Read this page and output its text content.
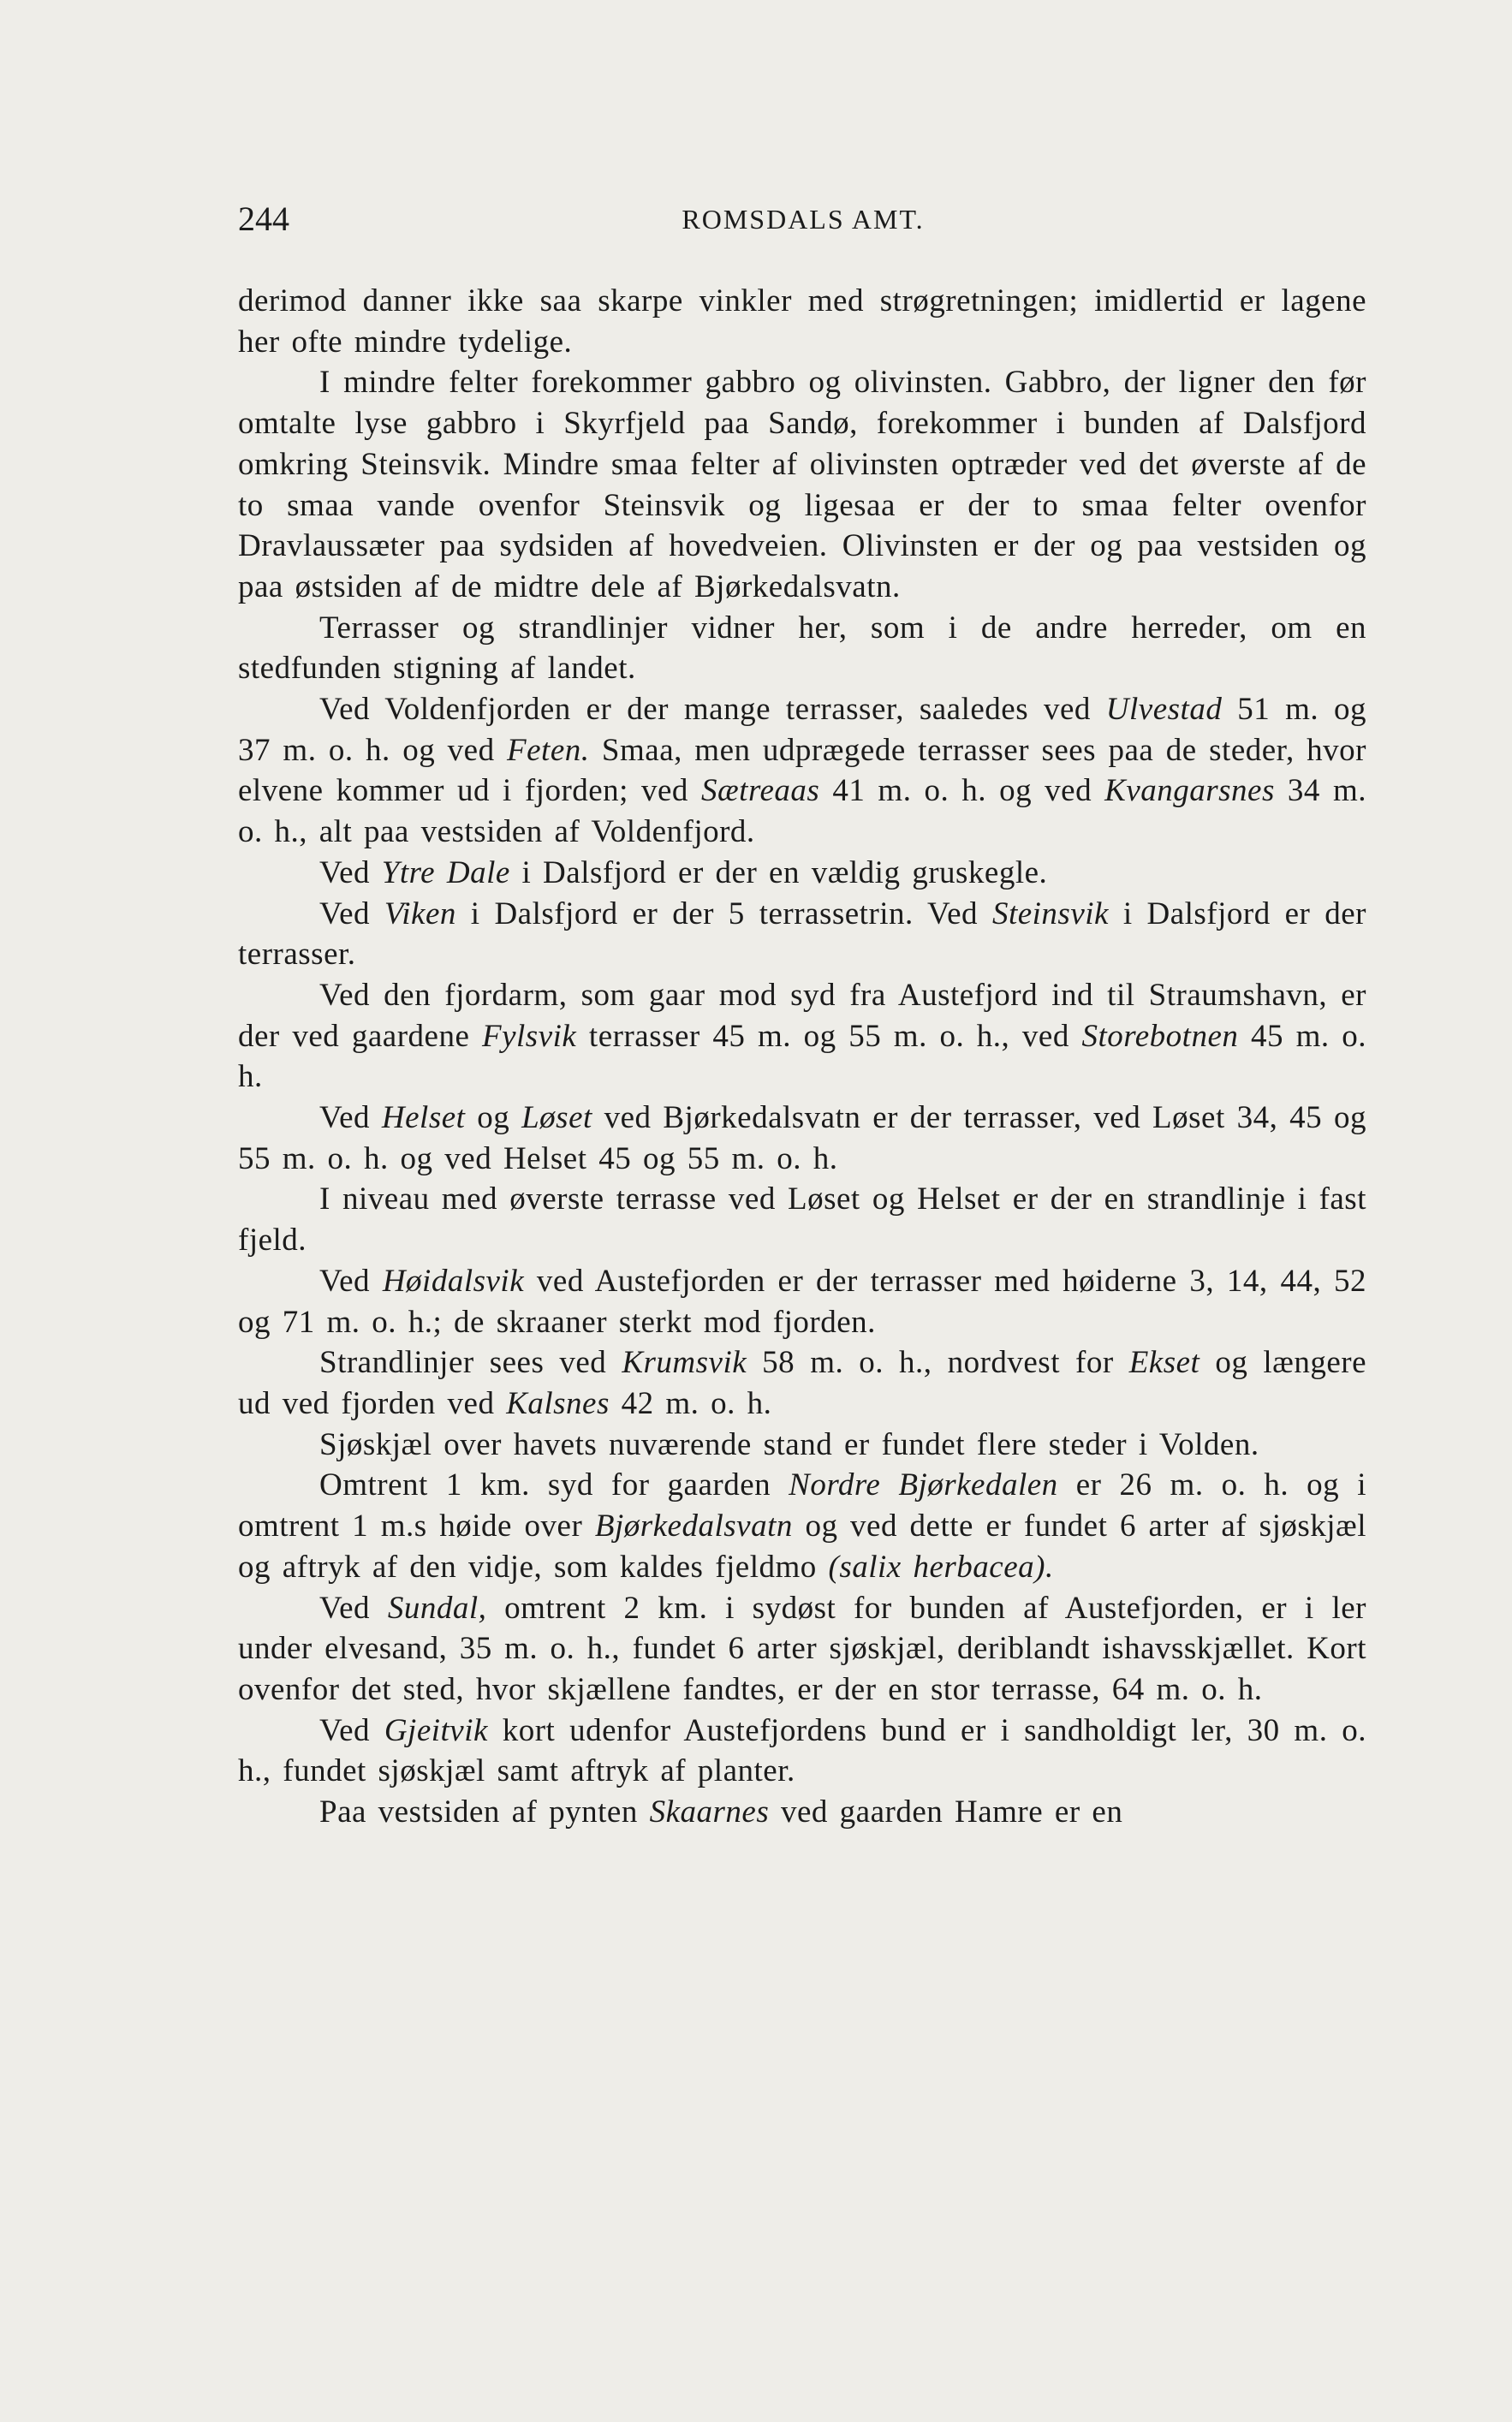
244	ROMSDALS AMT.

derimod danner ikke saa skarpe vinkler med strøgretningen; imidlertid er lagene her ofte mindre tydelige.

I mindre felter forekommer gabbro og olivinsten. Gabbro, der ligner den før omtalte lyse gabbro i Skyrfjeld paa Sandø, forekommer i bunden af Dalsfjord omkring Steinsvik. Mindre smaa felter af olivinsten optræder ved det øverste af de to smaa vande ovenfor Steinsvik og ligesaa er der to smaa felter ovenfor Dravlaussæter paa sydsiden af hovedveien. Olivinsten er der og paa vestsiden og paa østsiden af de midtre dele af Bjørkedalsvatn.

Terrasser og strandlinjer vidner her, som i de andre herreder, om en stedfunden stigning af landet.

Ved Voldenfjorden er der mange terrasser, saaledes ved Ulvestad 51 m. og 37 m. o. h. og ved Feten. Smaa, men udprægede terrasser sees paa de steder, hvor elvene kommer ud i fjorden; ved Sætreaas 41 m. o. h. og ved Kvangarsnes 34 m. o. h., alt paa vestsiden af Voldenfjord.

Ved Ytre Dale i Dalsfjord er der en vældig gruskegle.

Ved Viken i Dalsfjord er der 5 terrassetrin. Ved Steinsvik i Dalsfjord er der terrasser.

Ved den fjordarm, som gaar mod syd fra Austefjord ind til Straumshavn, er der ved gaardene Fylsvik terrasser 45 m. og 55 m. o. h., ved Storebotnen 45 m. o. h.

Ved Helset og Løset ved Bjørkedalsvatn er der terrasser, ved Løset 34, 45 og 55 m. o. h. og ved Helset 45 og 55 m. o. h.

I niveau med øverste terrasse ved Løset og Helset er der en strandlinje i fast fjeld.

Ved Høidalsvik ved Austefjorden er der terrasser med høiderne 3, 14, 44, 52 og 71 m. o. h.; de skraaner sterkt mod fjorden.

Strandlinjer sees ved Krumsvik 58 m. o. h., nordvest for Ekset og længere ud ved fjorden ved Kalsnes 42 m. o. h.

Sjøskjæl over havets nuværende stand er fundet flere steder i Volden.

Omtrent 1 km. syd for gaarden Nordre Bjørkedalen er 26 m. o. h. og i omtrent 1 m.s høide over Bjørkedalsvatn og ved dette er fundet 6 arter af sjøskjæl og aftryk af den vidje, som kaldes fjeldmo (salix herbacea).

Ved Sundal, omtrent 2 km. i sydøst for bunden af Austefjorden, er i ler under elvesand, 35 m. o. h., fundet 6 arter sjøskjæl, deriblandt ishavsskjællet. Kort ovenfor det sted, hvor skjællene fandtes, er der en stor terrasse, 64 m. o. h.

Ved Gjeitvik kort udenfor Austefjordens bund er i sandholdigt ler, 30 m. o. h., fundet sjøskjæl samt aftryk af planter.

Paa vestsiden af pynten Skaarnes ved gaarden Hamre er en
